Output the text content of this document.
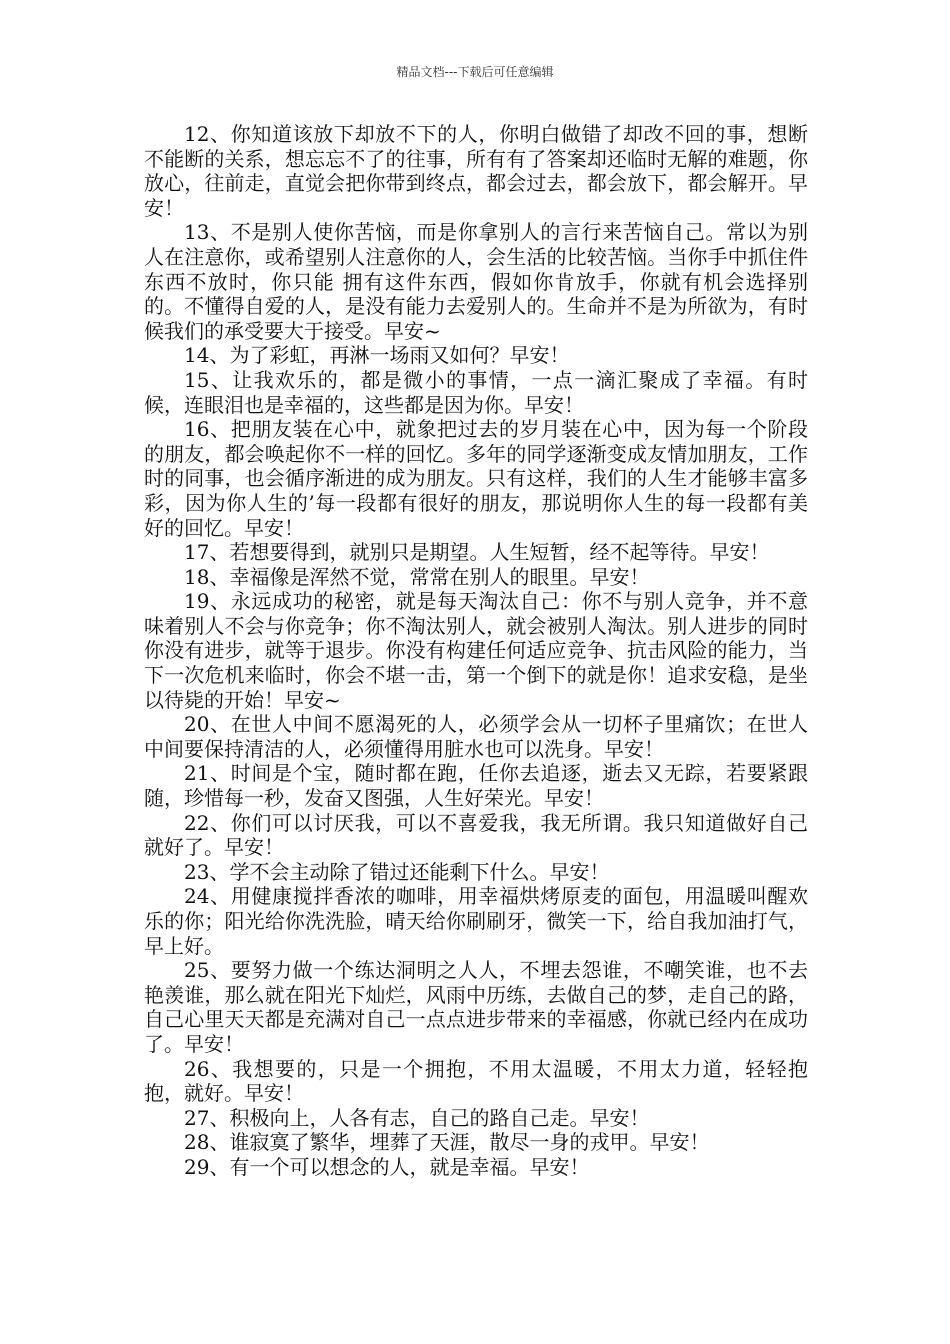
精品文档---下载后可任意编辑

12、你知道该放下却放不下的人，你明白做错了却改不回的事，想断不能断的关系，想忘忘不了的往事，所有有了答案却还临时无解的难题，你放心，往前走，直觉会把你带到终点，都会过去，都会放下，都会解开。早安！

13、不是别人使你苦恼，而是你拿别人的言行来苦恼自己。常以为别人在注意你，或希望别人注意你的人，会生活的比较苦恼。当你手中抓住件东西不放时，你只能 拥有这件东西，假如你肯放手，你就有机会选择别的。不懂得自爱的人，是没有能力去爱别人的。生命并不是为所欲为，有时候我们的承受要大于接受。早安~

14、为了彩虹，再淋一场雨又如何？早安！

15、让我欢乐的，都是微小的事情，一点一滴汇聚成了幸福。有时候，连眼泪也是幸福的，这些都是因为你。早安！

16、把朋友装在心中，就象把过去的岁月装在心中，因为每一个阶段的朋友，都会唤起你不一样的回忆。多年的同学逐渐变成友情加朋友，工作时的同事，也会循序渐进的成为朋友。只有这样，我们的人生才能够丰富多彩，因为你人生的’每一段都有很好的朋友，那说明你人生的每一段都有美好的回忆。早安！

17、若想要得到，就别只是期望。人生短暂，经不起等待。早安！

18、幸福像是浑然不觉，常常在别人的眼里。早安！

19、永远成功的秘密，就是每天淘汰自己：你不与别人竞争，并不意味着别人不会与你竞争；你不淘汰别人，就会被别人淘汰。别人进步的同时你没有进步，就等于退步。你没有构建任何适应竞争、抗击风险的能力，当下一次危机来临时，你会不堪一击，第一个倒下的就是你！追求安稳，是坐以待毙的开始！早安~

20、在世人中间不愿渴死的人，必须学会从一切杯子里痛饮；在世人中间要保持清洁的人，必须懂得用脏水也可以洗身。早安！

21、时间是个宝，随时都在跑，任你去追逐，逝去又无踪，若要紧跟随，珍惜每一秒，发奋又图强，人生好荣光。早安！

22、你们可以讨厌我，可以不喜爱我，我无所谓。我只知道做好自己就好了。早安！

23、学不会主动除了错过还能剩下什么。早安！

24、用健康搅拌香浓的咖啡，用幸福烘烤原麦的面包，用温暖叫醒欢乐的你；阳光给你洗洗脸，晴天给你刷刷牙，微笑一下，给自我加油打气，早上好。

25、要努力做一个练达洞明之人人，不埋去怨谁，不嘲笑谁，也不去艳羡谁，那么就在阳光下灿烂，风雨中历练，去做自己的梦，走自己的路，自己心里天天都是充满对自己一点点进步带来的幸福感，你就已经内在成功了。早安！

26、我想要的，只是一个拥抱，不用太温暖，不用太力道，轻轻抱抱，就好。早安！

27、积极向上，人各有志，自己的路自己走。早安！

28、谁寂寞了繁华，埋葬了天涯，散尽一身的戎甲。早安！

29、有一个可以想念的人，就是幸福。早安！
